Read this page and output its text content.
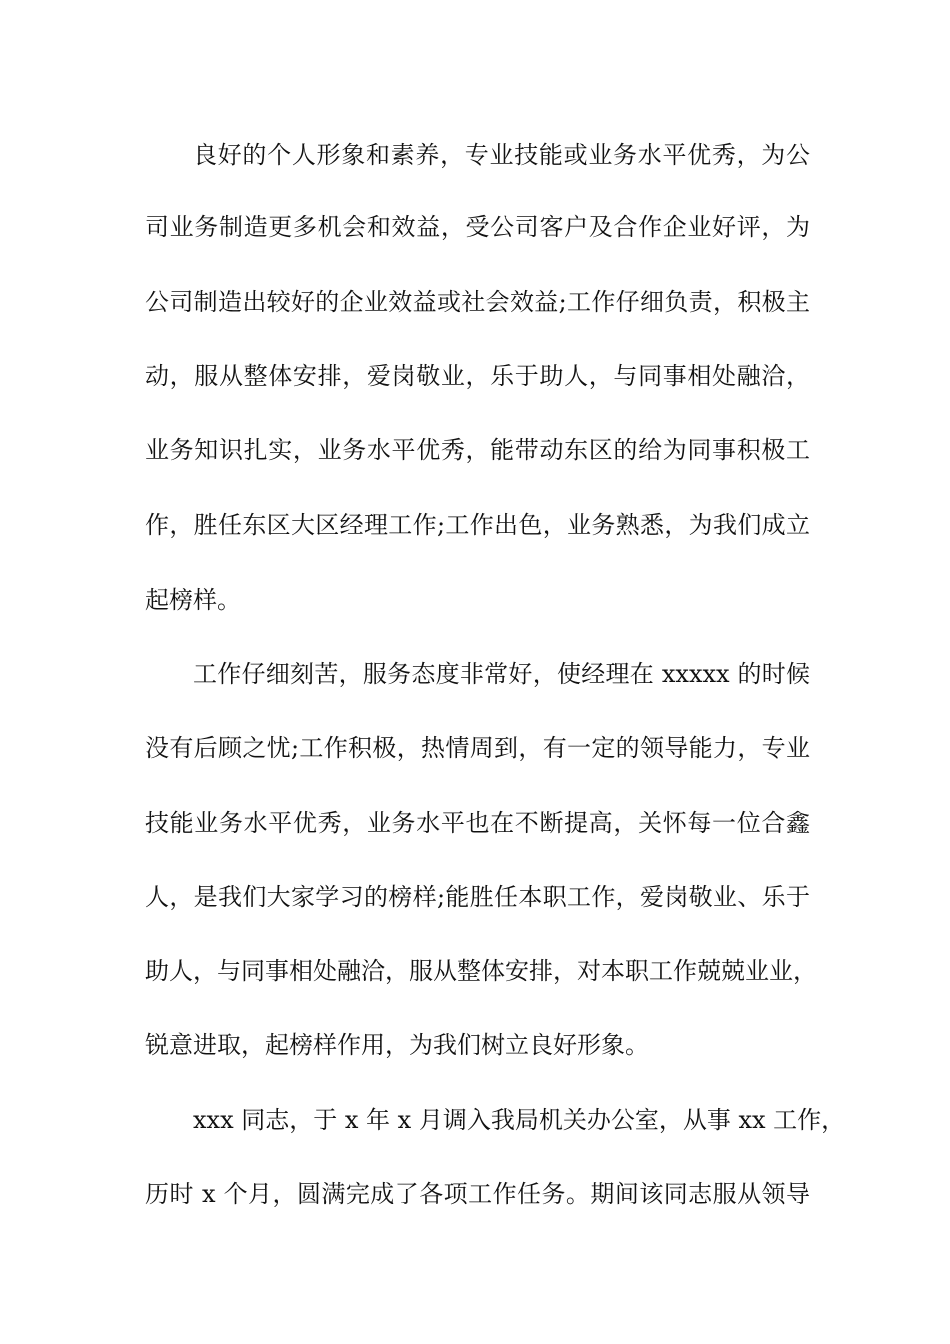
良好的个人形象和素养，专业技能或业务水平优秀，为公
司业务制造更多机会和效益，受公司客户及合作企业好评，为
公司制造出较好的企业效益或社会效益;工作仔细负责，积极主
动，服从整体安排，爱岗敬业，乐于助人，与同事相处融洽，
业务知识扎实，业务水平优秀，能带动东区的给为同事积极工
作，胜任东区大区经理工作;工作出色，业务熟悉，为我们成立
起榜样。
工作仔细刻苦，服务态度非常好，使经理在 xxxxx 的时候
没有后顾之忧;工作积极，热情周到，有一定的领导能力，专业
技能业务水平优秀，业务水平也在不断提高，关怀每一位合鑫
人，是我们大家学习的榜样;能胜任本职工作，爱岗敬业、乐于
助人，与同事相处融洽，服从整体安排，对本职工作兢兢业业，
锐意进取，起榜样作用，为我们树立良好形象。
xxx 同志，于 x 年 x 月调入我局机关办公室，从事 xx 工作，
历时 x 个月，圆满完成了各项工作任务。期间该同志服从领导
